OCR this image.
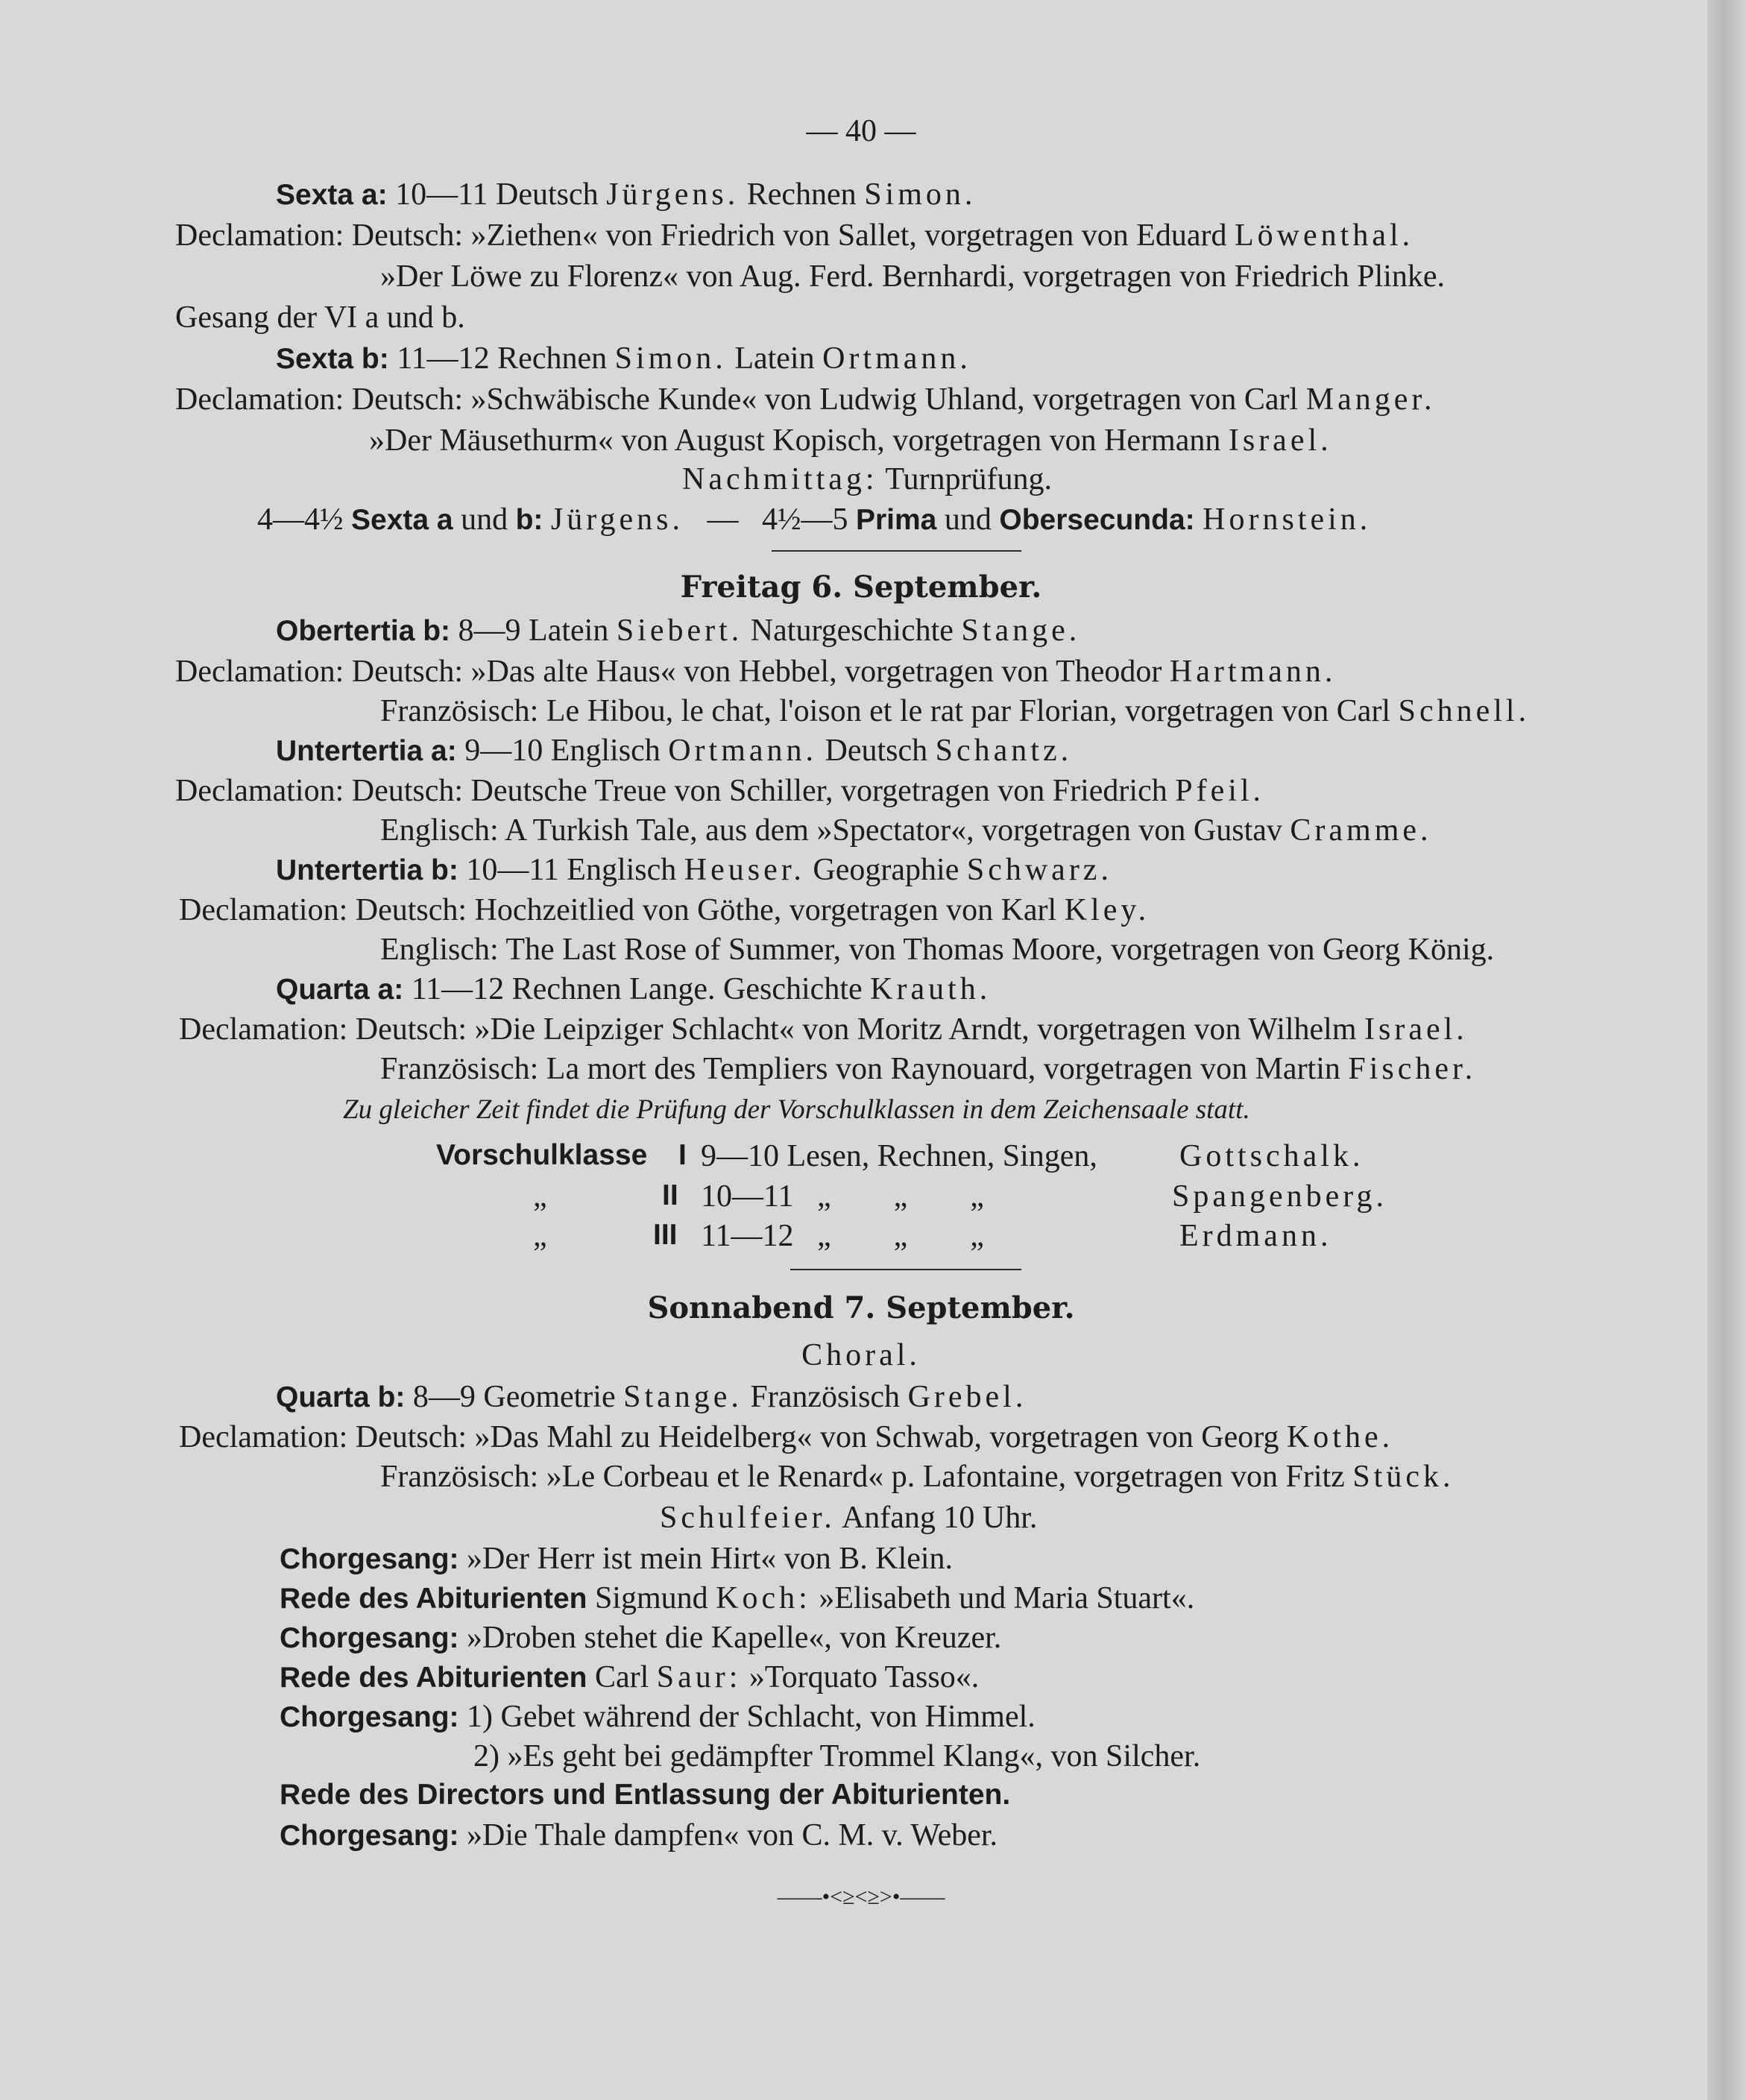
— 40 —
Sexta a: 10—11 Deutsch Jürgens. Rechnen Simon.
Declamation: Deutsch: »Ziethen« von Friedrich von Sallet, vorgetragen von Eduard Löwenthal.
»Der Löwe zu Florenz« von Aug. Ferd. Bernhardi, vorgetragen von Friedrich Plinke.
Gesang der VI a und b.
Sexta b: 11—12 Rechnen Simon. Latein Ortmann.
Declamation: Deutsch: »Schwäbische Kunde« von Ludwig Uhland, vorgetragen von Carl Manger.
»Der Mäusethurm« von August Kopisch, vorgetragen von Hermann Israel.
Nachmittag: Turnprüfung.
4—4½ Sexta a und b: Jürgens. — 4½—5 Prima und Obersecunda: Hornstein.
Freitag 6. September.
Obertertia b: 8—9 Latein Siebert. Naturgeschichte Stange.
Declamation: Deutsch: »Das alte Haus« von Hebbel, vorgetragen von Theodor Hartmann.
Französisch: Le Hibou, le chat, l'oison et le rat par Florian, vorgetragen von Carl Schnell.
Untertertia a: 9—10 Englisch Ortmann. Deutsch Schantz.
Declamation: Deutsch: Deutsche Treue von Schiller, vorgetragen von Friedrich Pfeil.
Englisch: A Turkish Tale, aus dem »Spectator«, vorgetragen von Gustav Cramme.
Untertertia b: 10—11 Englisch Heuser. Geographie Schwarz.
Declamation: Deutsch: Hochzeitlied von Göthe, vorgetragen von Karl Kley.
Englisch: The Last Rose of Summer, von Thomas Moore, vorgetragen von Georg König.
Quarta a: 11—12 Rechnen Lange. Geschichte Krauth.
Declamation: Deutsch: »Die Leipziger Schlacht« von Moritz Arndt, vorgetragen von Wilhelm Israel.
Französisch: La mort des Templiers von Raynouard, vorgetragen von Martin Fischer.
Zu gleicher Zeit findet die Prüfung der Vorschulklassen in dem Zeichensaale statt.
Vorschulklasse I 9—10 Lesen, Rechnen, Singen,	Gottschalk.
„	II 10—11   „        „        „	Spangenberg.
„	III 11—12   „        „        „	Erdmann.
Sonnabend 7. September.
Choral.
Quarta b: 8—9 Geometrie Stange. Französisch Grebel.
Declamation: Deutsch: »Das Mahl zu Heidelberg« von Schwab, vorgetragen von Georg Kothe.
Französisch: »Le Corbeau et le Renard« p. Lafontaine, vorgetragen von Fritz Stück.
Schulfeier. Anfang 10 Uhr.
Chorgesang: »Der Herr ist mein Hirt« von B. Klein.
Rede des Abiturienten Sigmund Koch: »Elisabeth und Maria Stuart«.
Chorgesang: »Droben stehet die Kapelle«, von Kreuzer.
Rede des Abiturienten Carl Saur: »Torquato Tasso«.
Chorgesang: 1) Gebet während der Schlacht, von Himmel.
2) »Es geht bei gedämpfter Trommel Klang«, von Silcher.
Rede des Directors und Entlassung der Abiturienten.
Chorgesang: »Die Thale dampfen« von C. M. v. Weber.
——•<≥<≥>•——
